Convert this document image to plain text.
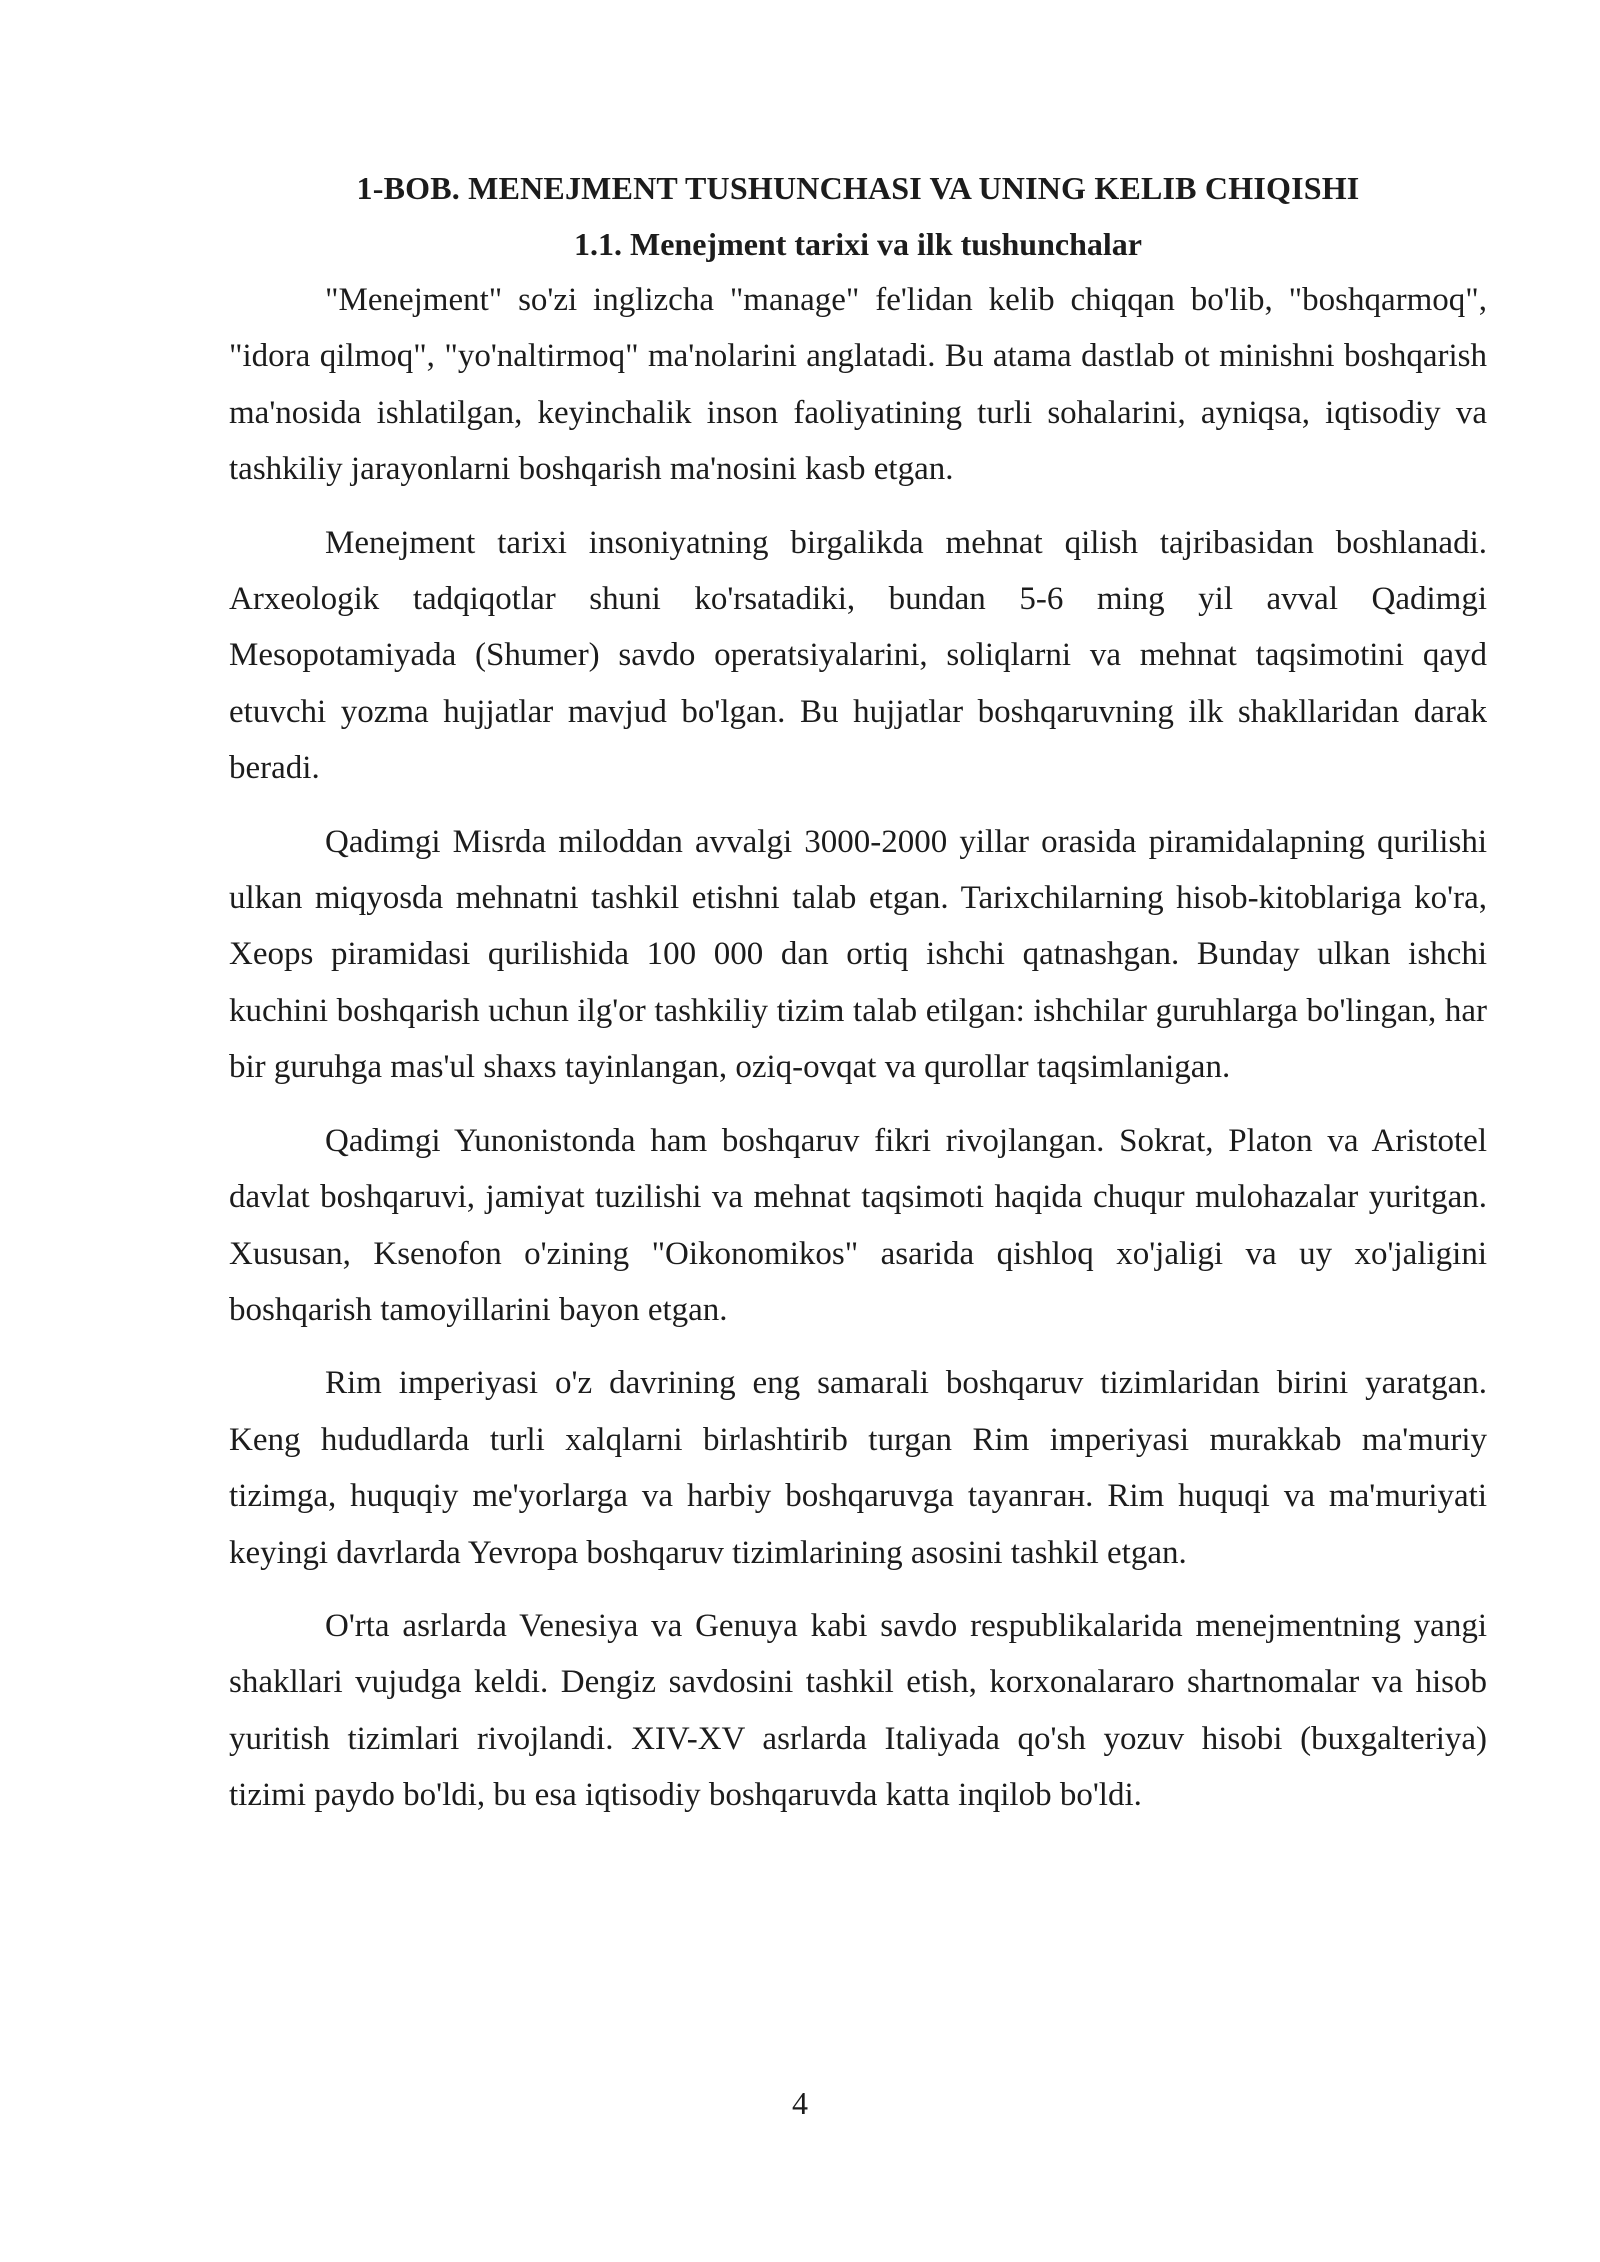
1-BOB. MENEJMENT TUSHUNCHASI VA UNING KELIB CHIQISHI
1.1. Menejment tarixi va ilk tushunchalar

"Menejment" so'zi inglizcha "manage" fe'lidan kelib chiqqan bo'lib, "boshqarmoq", "idora qilmoq", "yo'naltirmoq" ma'nolarini anglatadi. Bu atama dastlab ot minishni boshqarish ma'nosida ishlatilgan, keyinchalik inson faoliyatining turli sohalarini, ayniqsa, iqtisodiy va tashkiliy jarayonlarni boshqarish ma'nosini kasb etgan.

Menejment tarixi insoniyatning birgalikda mehnat qilish tajribasidan boshlanadi. Arxeologik tadqiqotlar shuni ko'rsatadiki, bundan 5-6 ming yil avval Qadimgi Mesopotamiyada (Shumer) savdo operatsiyalarini, soliqlarni va mehnat taqsimotini qayd etuvchi yozma hujjatlar mavjud bo'lgan. Bu hujjatlar boshqaruvning ilk shakllaridan darak beradi.

Qadimgi Misrda miloddan avvalgi 3000-2000 yillar orasida piramidalapning qurilishi ulkan miqyosda mehnatni tashkil etishni talab etgan. Tarixchilarning hisob-kitoblariga ko'ra, Xeops piramidasi qurilishida 100 000 dan ortiq ishchi qatnashgan. Bunday ulkan ishchi kuchini boshqarish uchun ilg'or tashkiliy tizim talab etilgan: ishchilar guruhlarga bo'lingan, har bir guruhga mas'ul shaxs tayinlangan, oziq-ovqat va qurollar taqsimlanigan.

Qadimgi Yunonistonda ham boshqaruv fikri rivojlangan. Sokrat, Platon va Aristotel davlat boshqaruvi, jamiyat tuzilishi va mehnat taqsimoti haqida chuqur mulohazalar yuritgan. Xususan, Ksenofon o'zining "Oikonomikos" asarida qishloq xo'jaligi va uy xo'jaligini boshqarish tamoyillarini bayon etgan.

Rim imperiyasi o'z davrining eng samarali boshqaruv tizimlaridan birini yaratgan. Keng hududlarda turli xalqlarni birlashtirib turgan Rim imperiyasi murakkab ma'muriy tizimga, huquqiy me'yorlarga va harbiy boshqaruvga tayanган. Rim huquqi va ma'muriyati keyingi davrlarda Yevropa boshqaruv tizimlarining asosini tashkil etgan.

O'rta asrlarda Venesiya va Genuya kabi savdo respublikalarida menejmentning yangi shakllari vujudga keldi. Dengiz savdosini tashkil etish, korxonalararo shartnomalar va hisob yuritish tizimlari rivojlandi. XIV-XV asrlarda Italiyada qo'sh yozuv hisobi (buxgalteriya) tizimi paydo bo'ldi, bu esa iqtisodiy boshqaruvda katta inqilob bo'ldi.

4
